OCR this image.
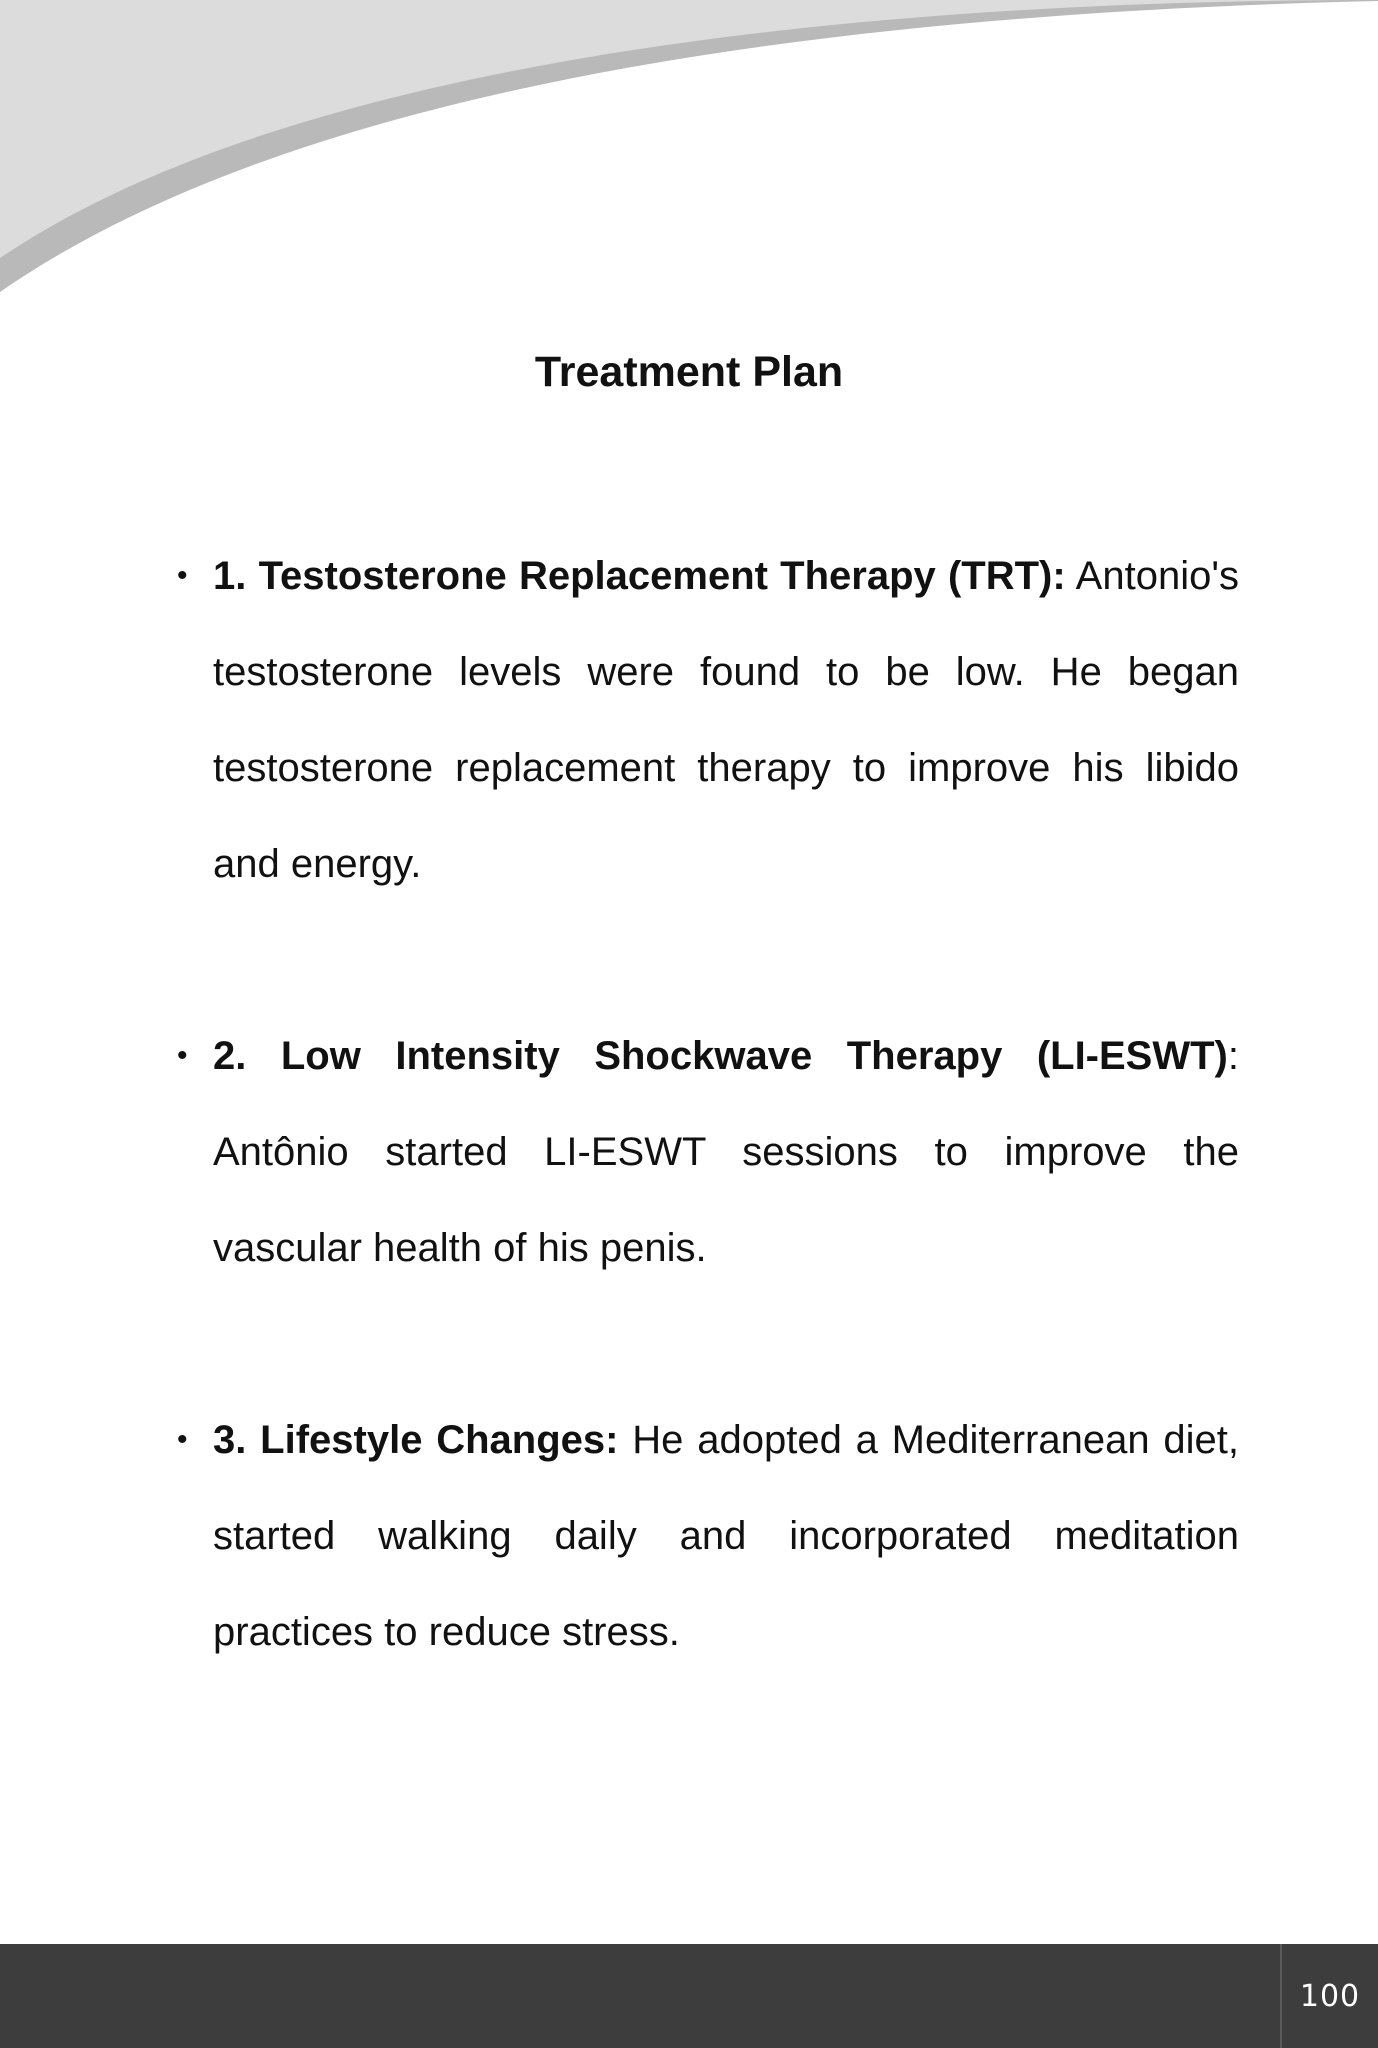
Treatment Plan
• 1. Testosterone Replacement Therapy (TRT): Antonio's testosterone levels were found to be low. He began testosterone replacement therapy to improve his libido and energy.
• 2. Low Intensity Shockwave Therapy (LI-ESWT): Antônio started LI-ESWT sessions to improve the vascular health of his penis.
• 3. Lifestyle Changes: He adopted a Mediterranean diet, started walking daily and incorporated meditation practices to reduce stress.
100
